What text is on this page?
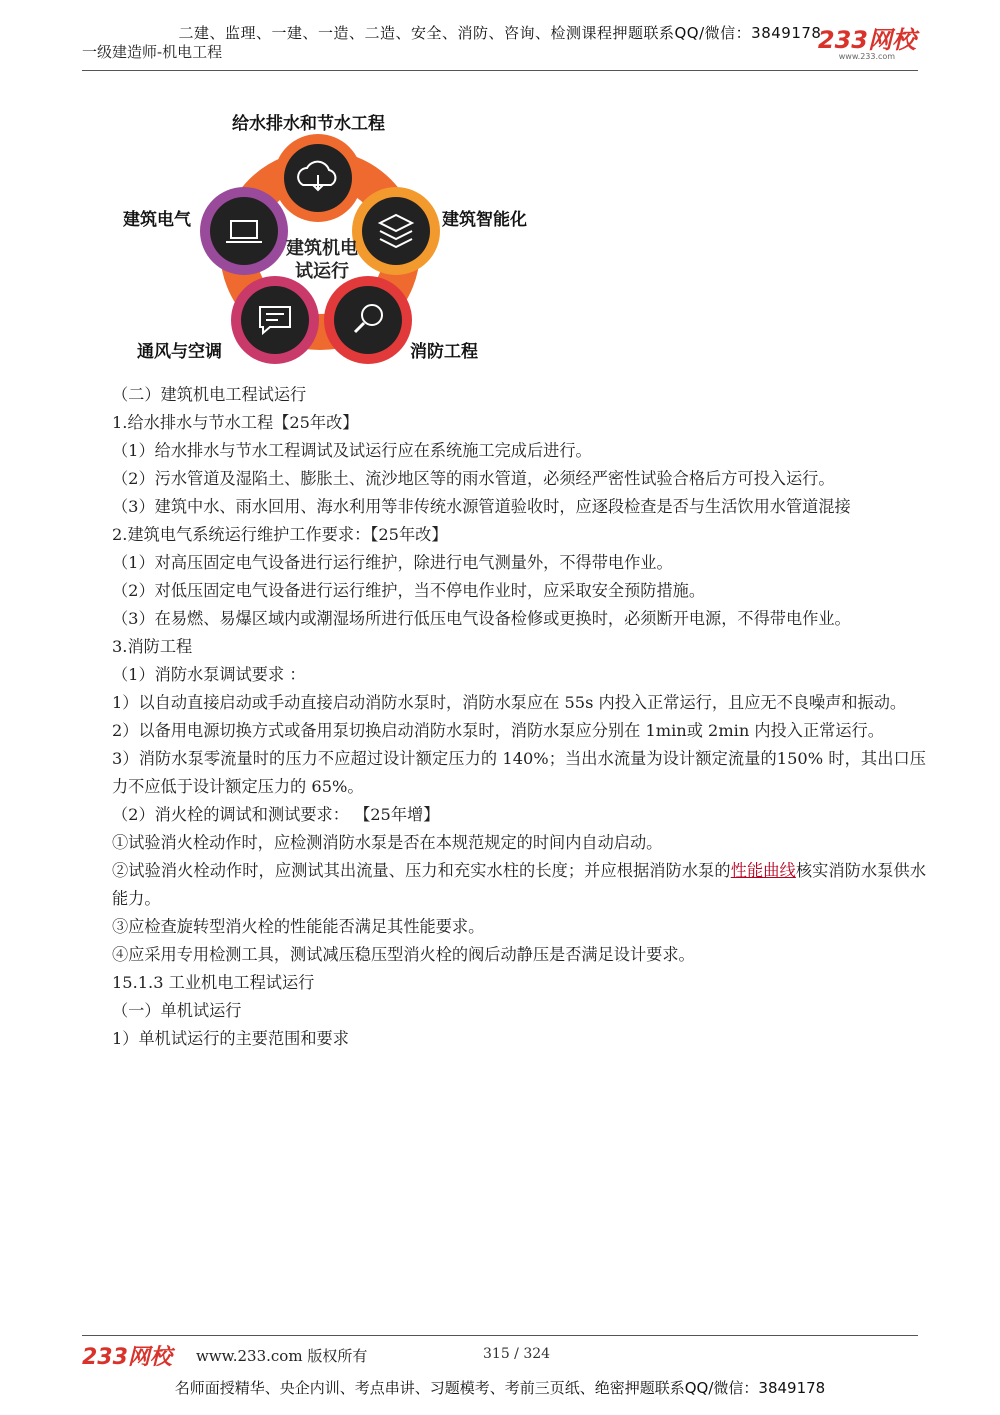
二建、监理、一建、一造、二造、安全、消防、咨询、检测课程押题联系QQ/微信：3849178
一级建造师-机电工程	233网校
www.233.com
建筑机电
试运行
给水排水和节水工程
建筑智能化
消防工程
通风与空调
建筑电气

（二）建筑机电工程试运行

1.给水排水与节水工程【25年改】

（1）给水排水与节水工程调试及试运行应在系统施工完成后进行。

（2）污水管道及湿陷土、膨胀土、流沙地区等的雨水管道，必须经严密性试验合格后方可投入运行。

（3）建筑中水、雨水回用、海水利用等非传统水源管道验收时，应逐段检查是否与生活饮用水管道混接

2.建筑电气系统运行维护工作要求：【25年改】

（1）对高压固定电气设备进行运行维护，除进行电气测量外，不得带电作业。

（2）对低压固定电气设备进行运行维护，当不停电作业时，应采取安全预防措施。

（3）在易燃、易爆区域内或潮湿场所进行低压电气设备检修或更换时，必须断开电源，不得带电作业。

3.消防工程

（1）消防水泵调试要求 ：

1）以自动直接启动或手动直接启动消防水泵时，消防水泵应在 55s 内投入正常运行，且应无不良噪声和振动。

2）以备用电源切换方式或备用泵切换启动消防水泵时，消防水泵应分别在 1min或 2min 内投入正常运行。

3）消防水泵零流量时的压力不应超过设计额定压力的 140%；当出水流量为设计额定流量的150% 时，其出口压力不应低于设计额定压力的 65%。

（2）消火栓的调试和测试要求： 【25年增】

①试验消火栓动作时，应检测消防水泵是否在本规范规定的时间内自动启动。

②试验消火栓动作时，应测试其出流量、压力和充实水柱的长度；并应根据消防水泵的性能曲线核实消防水泵供水能力。

③应检查旋转型消火栓的性能能否满足其性能要求。

④应采用专用检测工具，测试减压稳压型消火栓的阀后动静压是否满足设计要求。

15.1.3 工业机电工程试运行

（一）单机试运行

1）单机试运行的主要范围和要求

233网校 www.233.com 版权所有	315 / 324
名师面授精华、央企内训、考点串讲、习题模考、考前三页纸、绝密押题联系QQ/微信：3849178
